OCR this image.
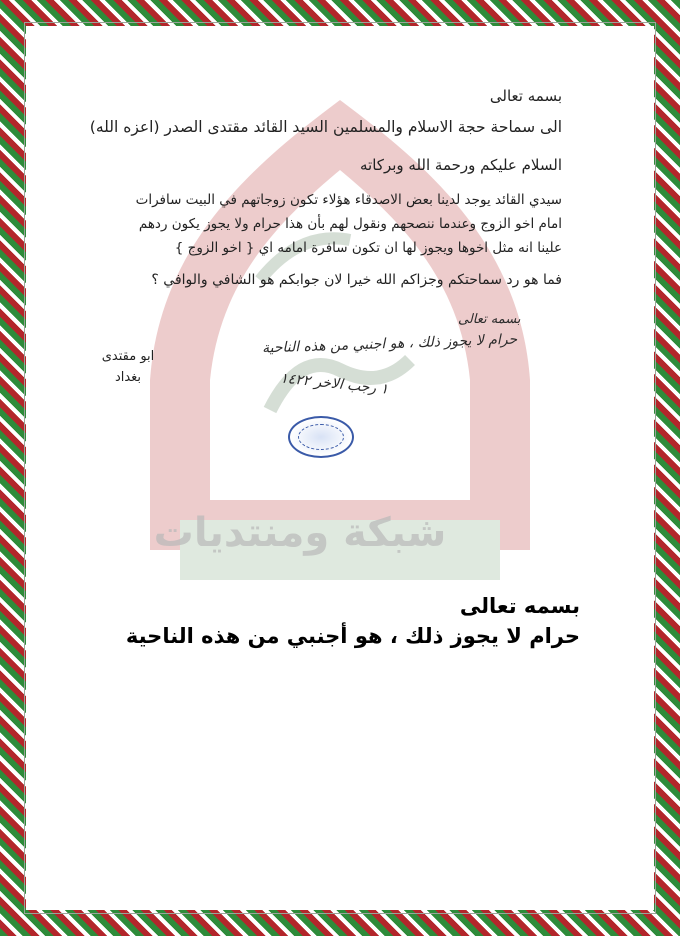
شبكة ومنتديات
بسمه تعالى
الى سماحة حجة الاسلام والمسلمين السيد القائد مقتدى الصدر (اعزه الله)
السلام عليكم ورحمة الله وبركاته
سيدي القائد يوجد لدينا بعض الاصدقاء هؤلاء تكون زوجاتهم في البيت سافرات
امام اخو الزوج وعندما ننصحهم ونقول لهم بأن هذا حرام ولا يجوز يكون ردهم
علينا انه مثل اخوها ويجوز لها ان تكون سافرة امامه اي { اخو الزوج }
فما هو رد سماحتكم وجزاكم الله خيرا لان جوابكم هو الشافي والوافي ؟
ابو مقتدى
بغداد
بسمه تعالى
حرام لا يجوز ذلك ، هو اجنبي من هذه الناحية
١ رجب الاخر ١٤٢٢
بسمه تعالى
حرام لا يجوز ذلك ، هو أجنبي من هذه الناحية
